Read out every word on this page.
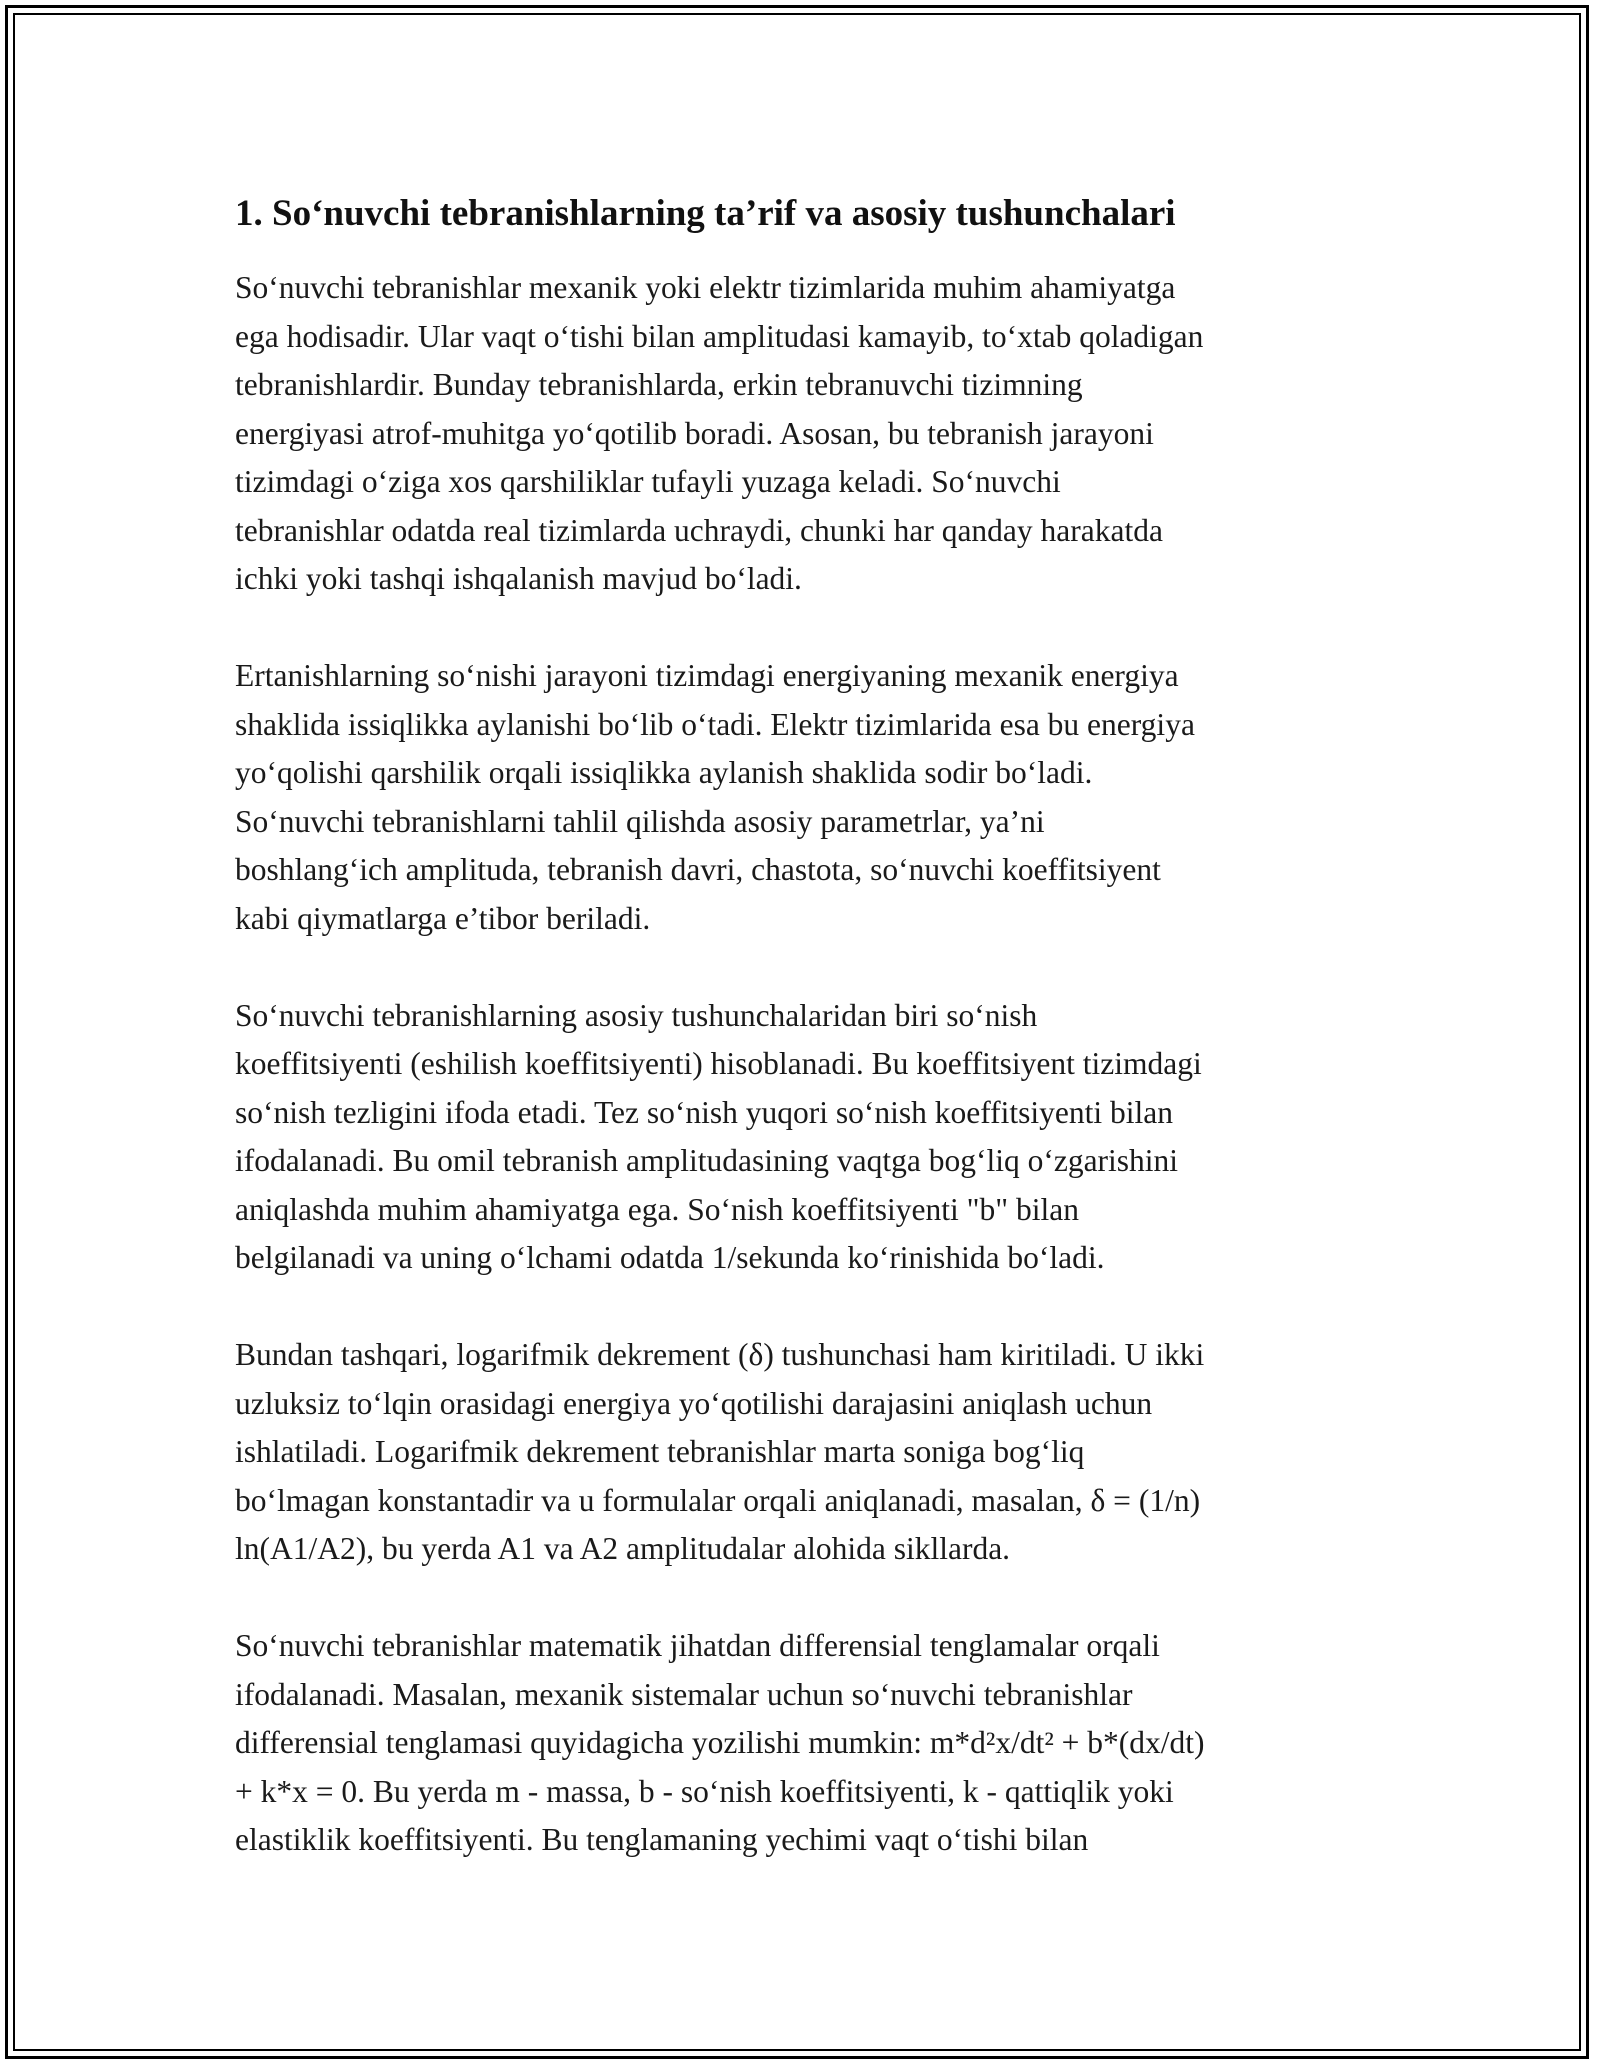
1. So‘nuvchi tebranishlarning ta’rif va asosiy tushunchalari

So‘nuvchi tebranishlar mexanik yoki elektr tizimlarida muhim ahamiyatga
ega hodisadir. Ular vaqt o‘tishi bilan amplitudasi kamayib, to‘xtab qoladigan
tebranishlardir. Bunday tebranishlarda, erkin tebranuvchi tizimning
energiyasi atrof-muhitga yo‘qotilib boradi. Asosan, bu tebranish jarayoni
tizimdagi o‘ziga xos qarshiliklar tufayli yuzaga keladi. So‘nuvchi
tebranishlar odatda real tizimlarda uchraydi, chunki har qanday harakatda
ichki yoki tashqi ishqalanish mavjud bo‘ladi.

Ertanishlarning so‘nishi jarayoni tizimdagi energiyaning mexanik energiya
shaklida issiqlikka aylanishi bo‘lib o‘tadi. Elektr tizimlarida esa bu energiya
yo‘qolishi qarshilik orqali issiqlikka aylanish shaklida sodir bo‘ladi.
So‘nuvchi tebranishlarni tahlil qilishda asosiy parametrlar, ya’ni
boshlang‘ich amplituda, tebranish davri, chastota, so‘nuvchi koeffitsiyent
kabi qiymatlarga e’tibor beriladi.

So‘nuvchi tebranishlarning asosiy tushunchalaridan biri so‘nish
koeffitsiyenti (eshilish koeffitsiyenti) hisoblanadi. Bu koeffitsiyent tizimdagi
so‘nish tezligini ifoda etadi. Tez so‘nish yuqori so‘nish koeffitsiyenti bilan
ifodalanadi. Bu omil tebranish amplitudasining vaqtga bog‘liq o‘zgarishini
aniqlashda muhim ahamiyatga ega. So‘nish koeffitsiyenti "b" bilan
belgilanadi va uning o‘lchami odatda 1/sekunda ko‘rinishida bo‘ladi.

Bundan tashqari, logarifmik dekrement (δ) tushunchasi ham kiritiladi. U ikki
uzluksiz to‘lqin orasidagi energiya yo‘qotilishi darajasini aniqlash uchun
ishlatiladi. Logarifmik dekrement tebranishlar marta soniga bog‘liq
bo‘lmagan konstantadir va u formulalar orqali aniqlanadi, masalan, δ = (1/n)
ln(A1/A2), bu yerda A1 va A2 amplitudalar alohida sikllarda.

So‘nuvchi tebranishlar matematik jihatdan differensial tenglamalar orqali
ifodalanadi. Masalan, mexanik sistemalar uchun so‘nuvchi tebranishlar
differensial tenglamasi quyidagicha yozilishi mumkin: m*d²x/dt² + b*(dx/dt)
+ k*x = 0. Bu yerda m - massa, b - so‘nish koeffitsiyenti, k - qattiqlik yoki
elastiklik koeffitsiyenti. Bu tenglamaning yechimi vaqt o‘tishi bilan
